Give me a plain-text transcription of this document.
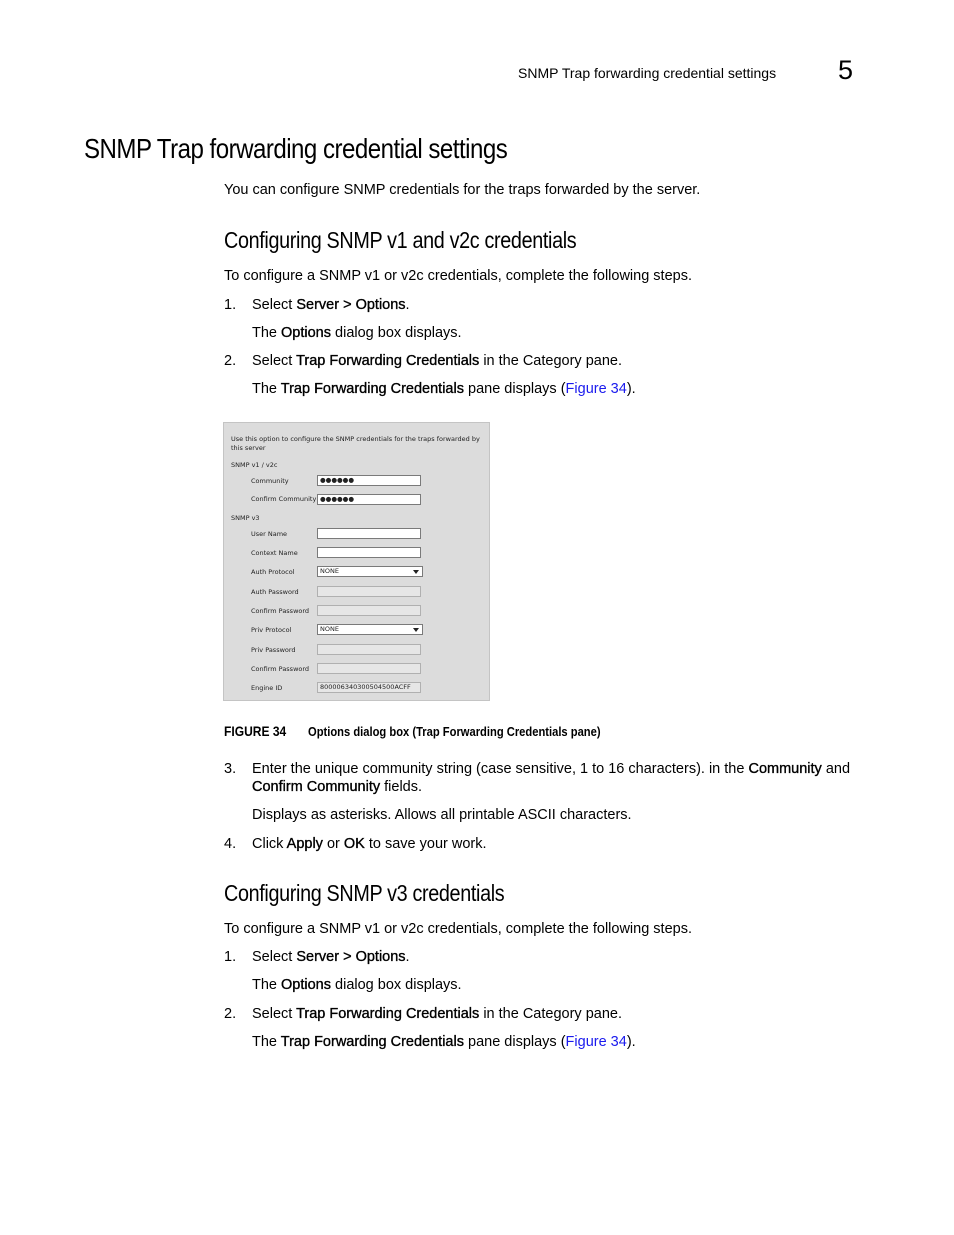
SNMP Trap forwarding credential settings 5
SNMP Trap forwarding credential settings
You can configure SNMP credentials for the traps forwarded by the server.
Configuring SNMP v1 and v2c credentials
To configure a SNMP v1 or v2c credentials, complete the following steps.
1. Select Server > Options.
The Options dialog box displays.
2. Select Trap Forwarding Credentials in the Category pane.
The Trap Forwarding Credentials pane displays (Figure 34).
Use this option to configure the SNMP credentials for the traps forwarded by
this server
SNMP v1 / v2c
Community	●●●●●●
Confirm Community ●●●●●●
SNMP v3
User Name
Context Name
Auth Protocol	NONE
Auth Password
Confirm Password
Priv Protocol	NONE
Priv Password
Confirm Password
Engine ID	800006340300504500ACFF
FIGURE 34 Options dialog box (Trap Forwarding Credentials pane)
3. Enter the unique community string (case sensitive, 1 to 16 characters). in the Community and
Confirm Community fields.
Displays as asterisks. Allows all printable ASCII characters.
4. Click Apply or OK to save your work.
Configuring SNMP v3 credentials
To configure a SNMP v1 or v2c credentials, complete the following steps.
1. Select Server > Options.
The Options dialog box displays.
2. Select Trap Forwarding Credentials in the Category pane.
The Trap Forwarding Credentials pane displays (Figure 34).
